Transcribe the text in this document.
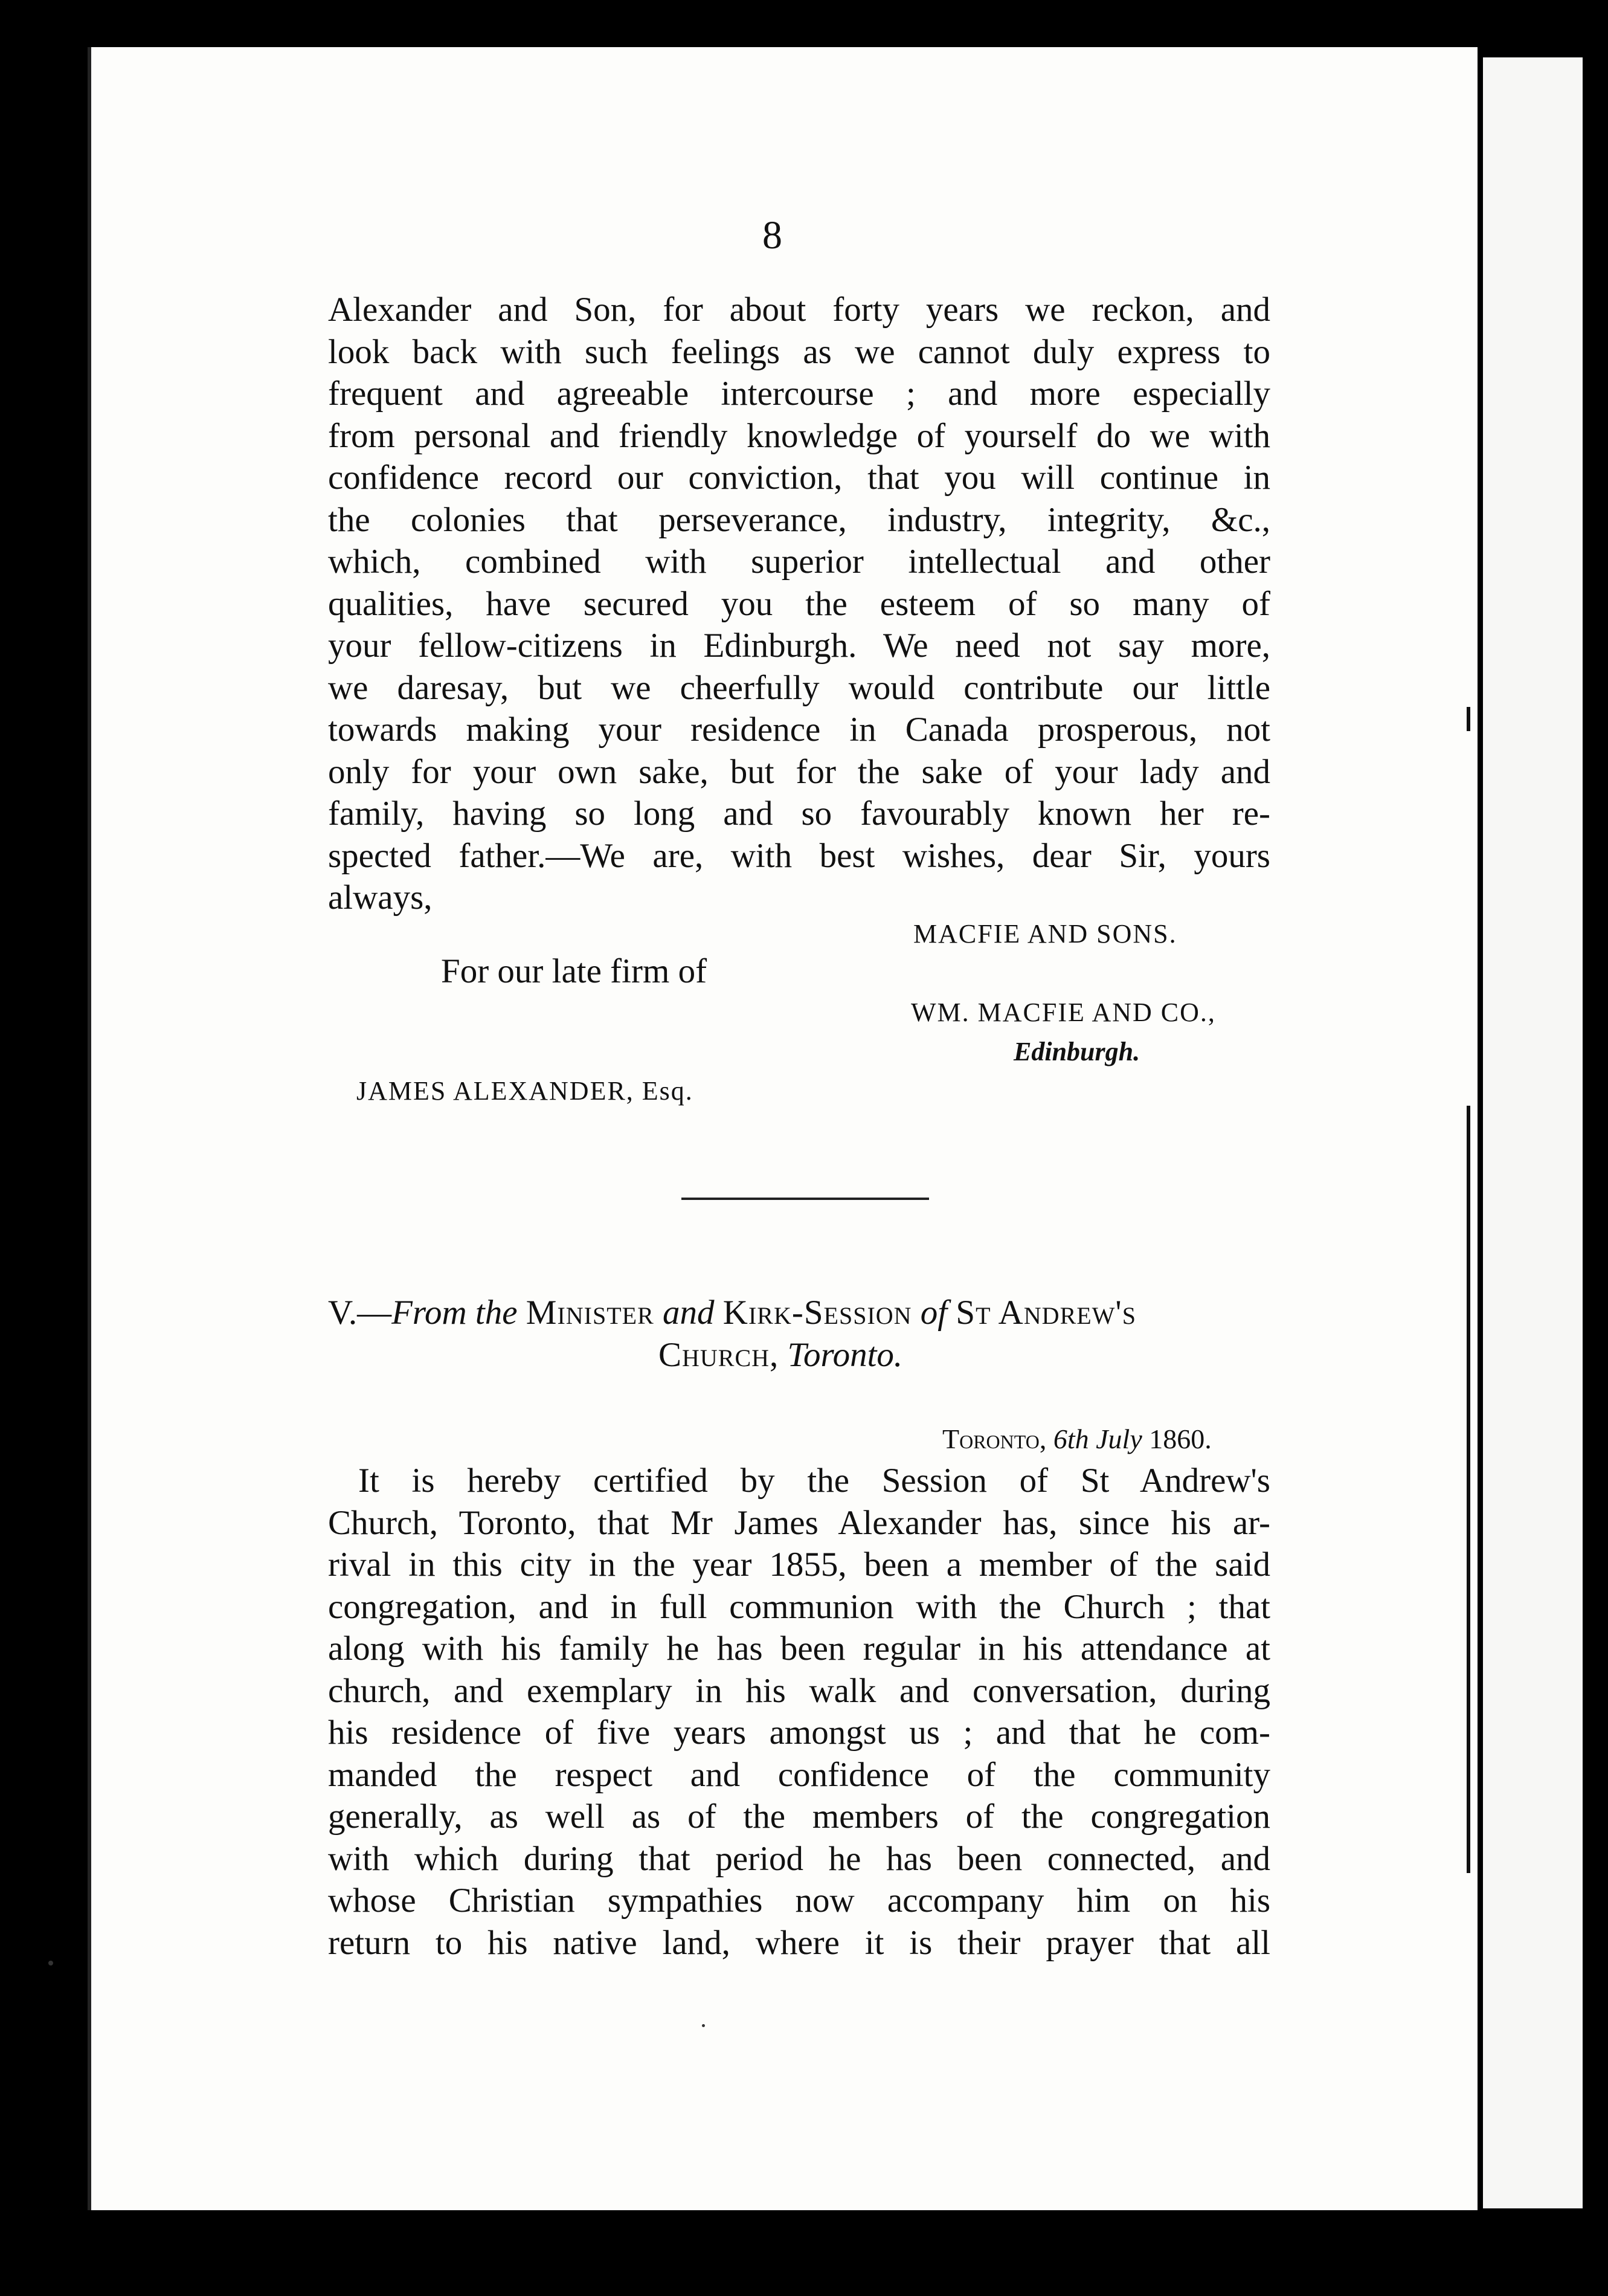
8
Alexander and Son, for about forty years we reckon, and
look back with such feelings as we cannot duly express to
frequent and agreeable intercourse ; and more especially
from personal and friendly knowledge of yourself do we with
confidence record our conviction, that you will continue in
the colonies that perseverance, industry, integrity, &c.,
which, combined with superior intellectual and other
qualities, have secured you the esteem of so many of
your fellow-citizens in Edinburgh. We need not say more,
we daresay, but we cheerfully would contribute our little
towards making your residence in Canada prosperous, not
only for your own sake, but for the sake of your lady and
family, having so long and so favourably known her re-
spected father.—We are, with best wishes, dear Sir, yours
always,
MACFIE AND SONS.
For our late firm of
WM. MACFIE AND CO.,
Edinburgh.
JAMES ALEXANDER, Esq.
V.—From the Minister and Kirk-Session of St Andrew's
Church, Toronto.
Toronto, 6th July 1860.
It is hereby certified by the Session of St Andrew's
Church, Toronto, that Mr James Alexander has, since his ar-
rival in this city in the year 1855, been a member of the said
congregation, and in full communion with the Church ; that
along with his family he has been regular in his attendance at
church, and exemplary in his walk and conversation, during
his residence of five years amongst us ; and that he com-
manded the respect and confidence of the community
generally, as well as of the members of the congregation
with which during that period he has been connected, and
whose Christian sympathies now accompany him on his
return to his native land, where it is their prayer that all
